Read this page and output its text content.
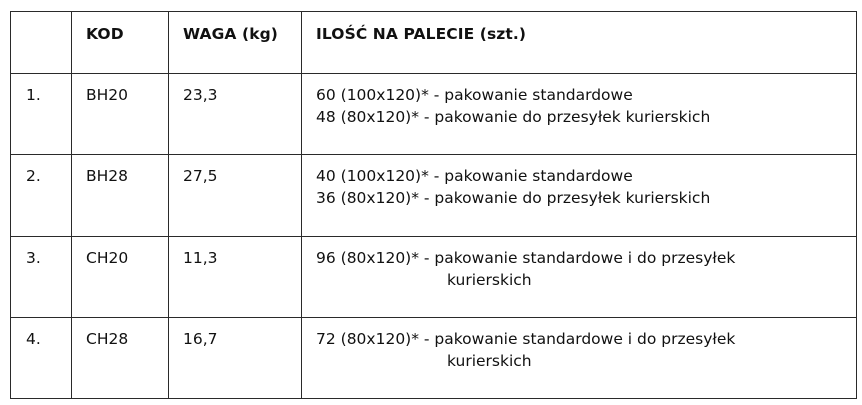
	KOD	WAGA (kg)	ILOŚĆ NA PALECIE (szt.)

1.	BH20	23,3	60 (100x120)* - pakowanie standardowe
48 (80x120)* - pakowanie do przesyłek kurierskich

2.	BH28	27,5	40 (100x120)* - pakowanie standardowe
36 (80x120)* - pakowanie do przesyłek kurierskich

3.	CH20	11,3	96 (80x120)* - pakowanie standardowe i do przesyłek
kurierskich

4.	CH28	16,7	72 (80x120)* - pakowanie standardowe i do przesyłek
kurierskich
